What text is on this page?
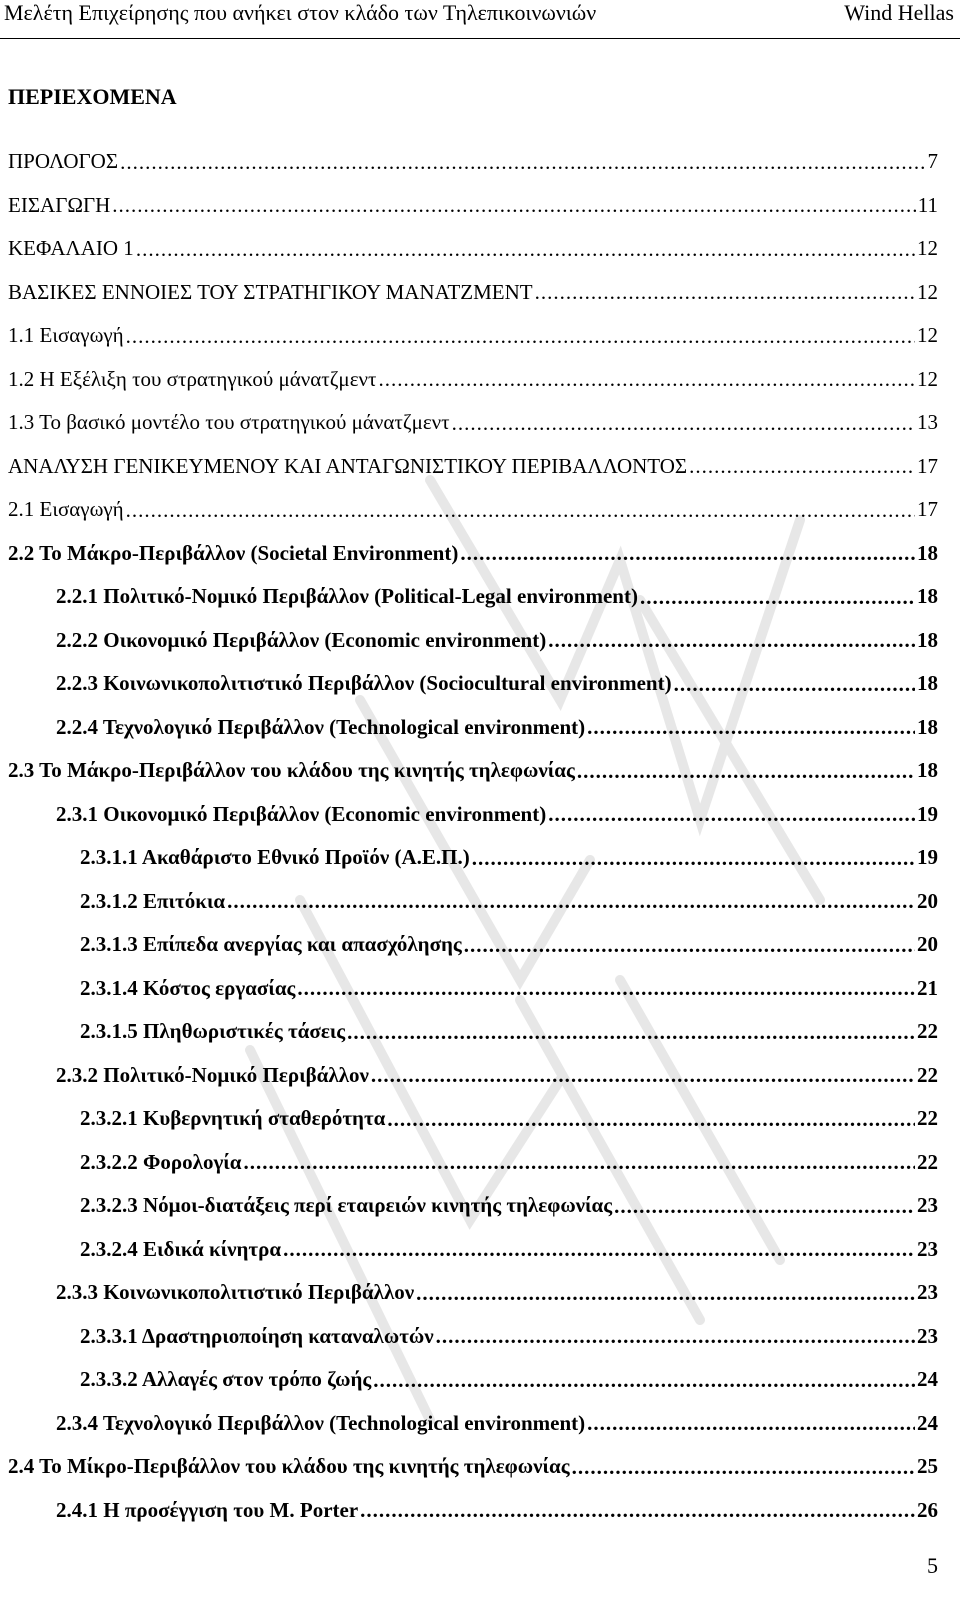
Μελέτη Επιχείρησης που ανήκει στον κλάδο των Τηλεπικοινωνιών	Wind Hellas
ΠΕΡΙΕΧΟΜΕΝΑ
ΠΡΟΛΟΓΟΣ .....	7
ΕΙΣΑΓΩΓΗ .....	11
ΚΕΦΑΛΑΙΟ 1 .....	12
ΒΑΣΙΚΕΣ ΕΝΝΟΙΕΣ ΤΟΥ ΣΤΡΑΤΗΓΙΚΟΥ ΜΑΝΑΤΖΜΕΝΤ .....	12
1.1 Εισαγωγή .....	12
1.2 Η Εξέλιξη του στρατηγικού μάνατζμεντ .....	12
1.3 Το βασικό μοντέλο του στρατηγικού μάνατζμεντ .....	13
ΑΝΑΛΥΣΗ ΓΕΝΙΚΕΥΜΕΝΟΥ ΚΑΙ ΑΝΤΑΓΩΝΙΣΤΙΚΟΥ ΠΕΡΙΒΑΛΛΟΝΤΟΣ .....	17
2.1 Εισαγωγή .....	17
2.2 Το Μάκρο-Περιβάλλον (Societal Environment) .....	18
2.2.1 Πολιτικό-Νομικό Περιβάλλον (Political-Legal environment) .....	18
2.2.2 Οικονομικό Περιβάλλον (Economic environment) .....	18
2.2.3 Κοινωνικοπολιτιστικό Περιβάλλον (Sociocultural environment) .....	18
2.2.4 Τεχνολογικό Περιβάλλον (Technological environment) .....	18
2.3 Το Μάκρο-Περιβάλλον του κλάδου της κινητής τηλεφωνίας .....	18
2.3.1 Οικονομικό Περιβάλλον (Economic environment) .....	19
2.3.1.1 Ακαθάριστο Εθνικό Προϊόν (Α.Ε.Π.) .....	19
2.3.1.2 Επιτόκια .....	20
2.3.1.3 Επίπεδα ανεργίας και απασχόλησης .....	20
2.3.1.4 Κόστος εργασίας .....	21
2.3.1.5 Πληθωριστικές τάσεις .....	22
2.3.2 Πολιτικό-Νομικό Περιβάλλον .....	22
2.3.2.1 Κυβερνητική σταθερότητα .....	22
2.3.2.2 Φορολογία .....	22
2.3.2.3 Νόμοι-διατάξεις περί εταιρειών κινητής τηλεφωνίας .....	23
2.3.2.4 Ειδικά κίνητρα .....	23
2.3.3 Κοινωνικοπολιτιστικό Περιβάλλον .....	23
2.3.3.1 Δραστηριοποίηση καταναλωτών .....	23
2.3.3.2 Αλλαγές στον τρόπο ζωής .....	24
2.3.4 Τεχνολογικό Περιβάλλον (Technological environment) .....	24
2.4 Το Μίκρο-Περιβάλλον του κλάδου της κινητής τηλεφωνίας .....	25
2.4.1 Η προσέγγιση του M. Porter .....	26
5
